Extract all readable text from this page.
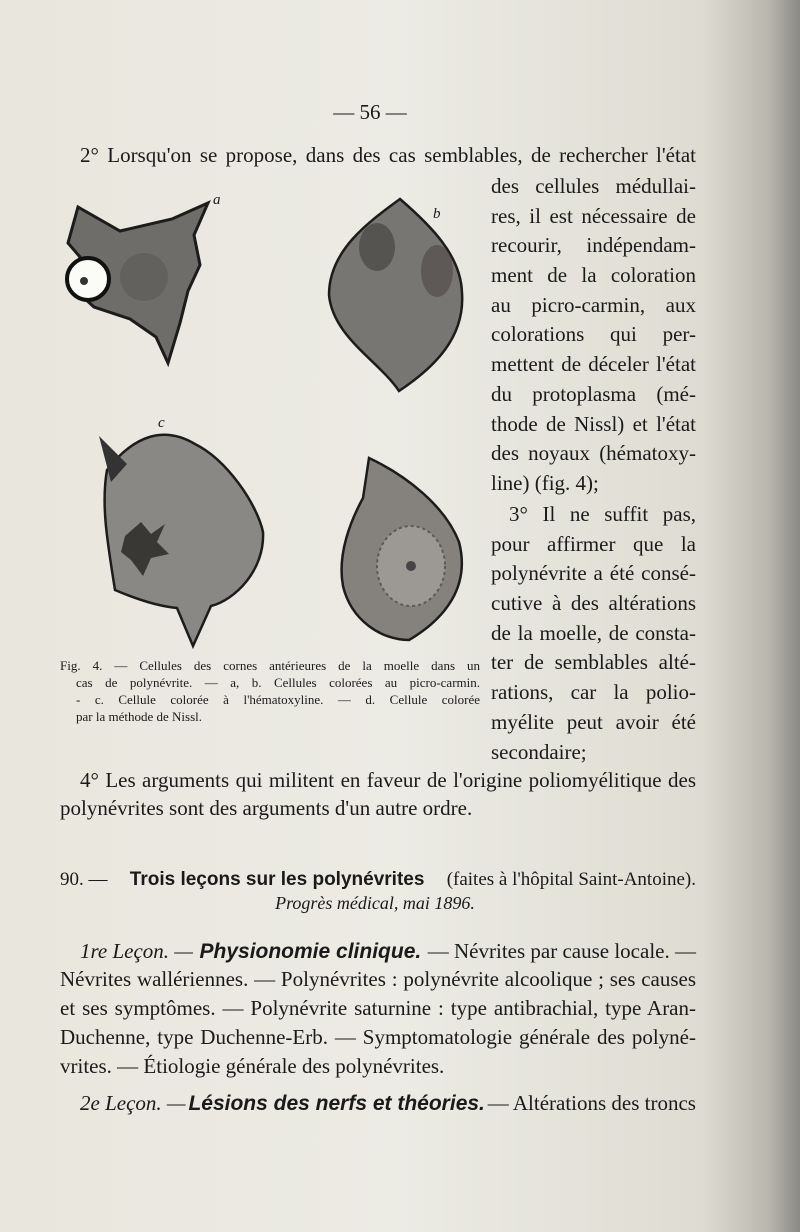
— 56 —
2° Lorsqu'on se propose, dans des cas semblables, de rechercher l'état
des cellules médullai-
res, il est nécessaire de
recourir, indépendam-
ment de la coloration
au picro-carmin, aux
colorations qui per-
mettent de déceler l'état
du protoplasma (mé-
thode de Nissl) et l'état
des noyaux (hématoxy-
line) (fig. 4);
3° Il ne suffit pas,
pour affirmer que la
polynévrite a été consé-
cutive à des altérations
de la moelle, de consta-
ter de semblables alté-
rations, car la polio-
myélite peut avoir été
secondaire;
a
b
c
Fig. 4. — Cellules des cornes antérieures de la moelle dans un
cas de polynévrite. — a, b. Cellules colorées au picro-carmin.
- c. Cellule colorée à l'hématoxyline. — d. Cellule colorée
par la méthode de Nissl.
4° Les arguments qui militent en faveur de l'origine poliomyélitique des
polynévrites sont des arguments d'un autre ordre.
90. — Trois leçons sur les polynévrites (faites à l'hôpital Saint-Antoine).
Progrès médical, mai 1896.
1re Leçon. — Physionomie clinique. — Névrites par cause locale. —
Névrites wallériennes. — Polynévrites : polynévrite alcoolique ; ses causes
et ses symptômes. — Polynévrite saturnine : type antibrachial, type Aran-
Duchenne, type Duchenne-Erb. — Symptomatologie générale des polyné-
vrites. — Étiologie générale des polynévrites.
2e Leçon. — Lésions des nerfs et théories. — Altérations des troncs
